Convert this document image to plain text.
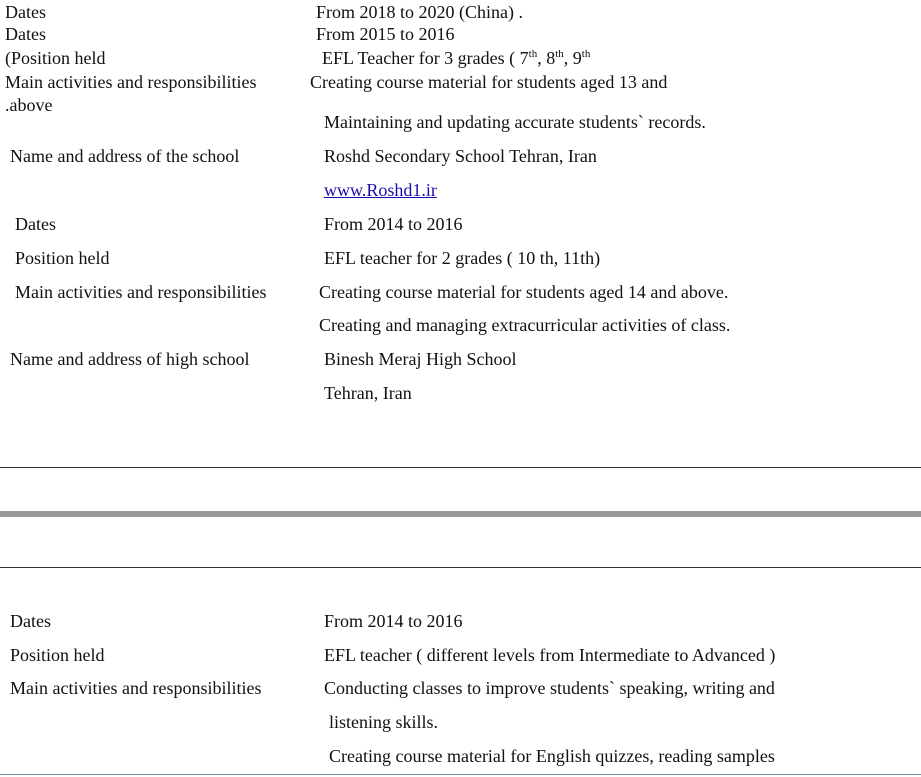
Dates	From 2018 to 2020 (China) .
Dates	From 2015 to 2016
(Position held	EFL Teacher for 3 grades ( 7th, 8th, 9th
Main activities and responsibilities	Creating course material for students aged 13 and
.above
Maintaining and updating accurate students` records.
Name and address of the school	Roshd Secondary School Tehran, Iran
www.Roshd1.ir
Dates	From 2014 to 2016
Position held	EFL teacher for 2 grades ( 10 th, 11th)
Main activities and responsibilities	Creating course material for students aged 14 and above.
Creating and managing extracurricular activities of class.
Name and address of high school	Binesh Meraj High School
Tehran, Iran
Dates	From 2014 to 2016
Position held	EFL teacher ( different levels from Intermediate to Advanced )
Main activities and responsibilities	Conducting classes to improve students` speaking, writing and
listening skills.
Creating course material for English quizzes, reading samples
